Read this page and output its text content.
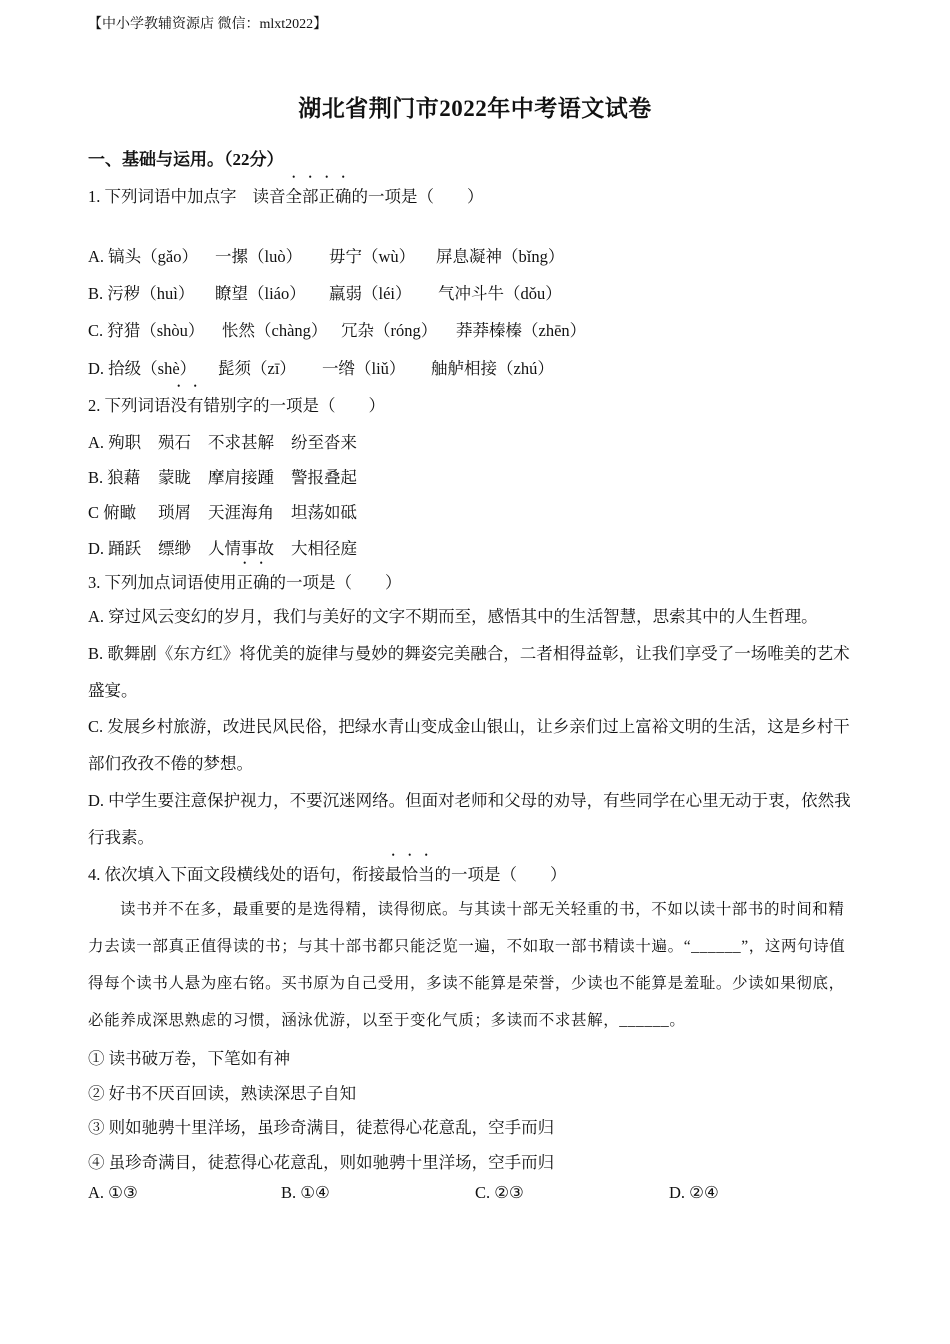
【中小学教辅资源店 微信：mlxt2022】
湖北省荆门市2022年中考语文试卷
一、基础与运用。（22分）
1. 下列词语中加点字 读音全部正确的一项是（　　）
A. 镐头（gǎo） 一摞（luò） 毋宁（wù） 屏息凝神（bǐng）
B. 污秽（huì） 瞭望（liáo） 羸弱（léi） 气冲斗牛（dǒu）
C. 狩猎（shòu） 怅然（chàng） 冗杂（róng） 莽莽榛榛（zhēn）
D. 拾级（shè） 髭须（zī） 一绺（liǔ） 舳舻相接（zhú）
2. 下列词语没有错别字的一项是（　　）
A. 殉职 殒石 不求甚解 纷至沓来
B. 狼藉 蒙眬 摩肩接踵 警报叠起
C 俯瞰 琐屑 天涯海角 坦荡如砥
D. 踊跃 缥缈 人情事故 大相径庭
3. 下列加点词语使用正确的一项是（　　）
A. 穿过风云变幻的岁月，我们与美好的文字不期而至，感悟其中的生活智慧，思索其中的人生哲理。
B. 歌舞剧《东方红》将优美的旋律与曼妙的舞姿完美融合，二者相得益彰，让我们享受了一场唯美的艺术盛宴。
C. 发展乡村旅游，改进民风民俗，把绿水青山变成金山银山，让乡亲们过上富裕文明的生活，这是乡村干部们孜孜不倦的梦想。
D. 中学生要注意保护视力，不要沉迷网络。但面对老师和父母的劝导，有些同学在心里无动于衷，依然我行我素。
4. 依次填入下面文段横线处的语句，衔接最恰当的一项是（　　）
读书并不在多，最重要的是选得精，读得彻底。与其读十部无关轻重的书，不如以读十部书的时间和精力去读一部真正值得读的书；与其十部书都只能泛览一遍，不如取一部书精读十遍。“______”，这两句诗值得每个读书人悬为座右铭。买书原为自己受用，多读不能算是荣誉，少读也不能算是羞耻。少读如果彻底，必能养成深思熟虑的习惯，涵泳优游，以至于变化气质；多读而不求甚解，______。
① 读书破万卷，下笔如有神
② 好书不厌百回读，熟读深思子自知
③ 则如驰骋十里洋场，虽珍奇满目，徒惹得心花意乱，空手而归
④ 虽珍奇满目，徒惹得心花意乱，则如驰骋十里洋场，空手而归
A. ①③	B. ①④	C. ②③	D. ②④
